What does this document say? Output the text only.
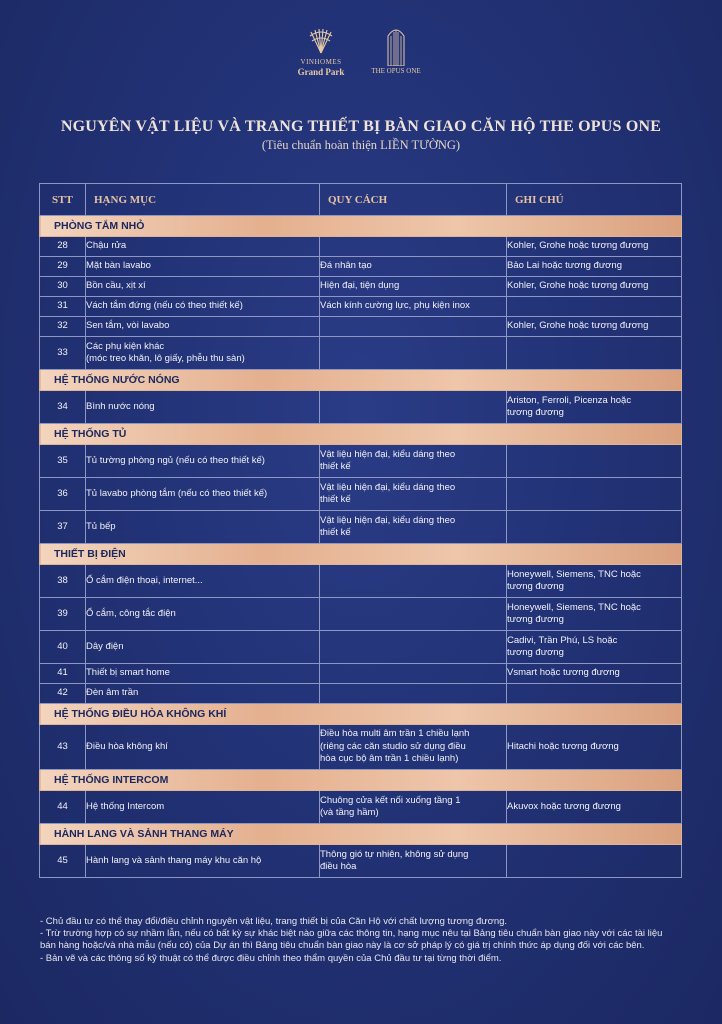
VINHOMES
Grand Park	THE OPUS ONE
NGUYÊN VẬT LIỆU VÀ TRANG THIẾT BỊ BÀN GIAO CĂN HỘ THE OPUS ONE
(Tiêu chuẩn hoàn thiện LIỀN TƯỜNG)
STT	HẠNG MỤC	QUY CÁCH	GHI CHÚ
PHÒNG TẮM NHỎ			
28	Chậu rửa		Kohler, Grohe hoặc tương đương
29	Mặt bàn lavabo	Đá nhân tạo	Bảo Lai hoặc tương đương
30	Bồn cầu, xịt xí	Hiện đại, tiện dụng	Kohler, Grohe hoặc tương đương
31	Vách tắm đứng (nếu có theo thiết kế)	Vách kính cường lực, phụ kiện inox	
32	Sen tắm, vòi lavabo		Kohler, Grohe hoặc tương đương
33	Các phụ kiện khác
(móc treo khăn, lô giấy, phễu thu sàn)		
HỆ THỐNG NƯỚC NÓNG			
34	Bình nước nóng		Ariston, Ferroli, Picenza hoặc
tương đương
HỆ THỐNG TỦ			
35	Tủ tường phòng ngủ (nếu có theo thiết kế)	Vật liệu hiện đại, kiểu dáng theo
thiết kế	
36	Tủ lavabo phòng tắm (nếu có theo thiết kế)	Vật liệu hiện đại, kiểu dáng theo
thiết kế	
37	Tủ bếp	Vật liệu hiện đại, kiểu dáng theo
thiết kế	
THIẾT BỊ ĐIỆN			
38	Ổ cắm điện thoại, internet...		Honeywell, Siemens, TNC hoặc
tương đương
39	Ổ cắm, công tắc điện		Honeywell, Siemens, TNC hoặc
tương đương
40	Dây điện		Cadivi, Trần Phú, LS hoặc
tương đương
41	Thiết bị smart home		Vsmart hoặc tương đương
42	Đèn âm trần		
HỆ THỐNG ĐIỀU HÒA KHÔNG KHÍ			
43	Điều hòa không khí	Điều hòa multi âm trần 1 chiều lạnh
(riêng các căn studio sử dụng điều
hòa cục bộ âm trần 1 chiều lạnh)	Hitachi hoặc tương đương
HỆ THỐNG INTERCOM			
44	Hệ thống Intercom	Chuông cửa kết nối xuống tầng 1
(và tầng hầm)	Akuvox hoặc tương đương
HÀNH LANG VÀ SẢNH THANG MÁY			
45	Hành lang và sảnh thang máy khu căn hộ	Thông gió tự nhiên, không sử dụng
điều hòa	
- Chủ đầu tư có thể thay đổi/điều chỉnh nguyên vật liệu, trang thiết bị của Căn Hộ với chất lượng tương đương.
- Trừ trường hợp có sự nhầm lẫn, nếu có bất kỳ sự khác biệt nào giữa các thông tin, hạng mục nêu tại Bảng tiêu chuẩn bàn giao này với các tài liệu bán hàng hoặc/và nhà mẫu (nếu có) của Dự án thì Bảng tiêu chuẩn bàn giao này là cơ sở pháp lý có giá trị chính thức áp dụng đối với các bên.
- Bản vẽ và các thông số kỹ thuật có thể được điều chỉnh theo thẩm quyền của Chủ đầu tư tại từng thời điểm.
